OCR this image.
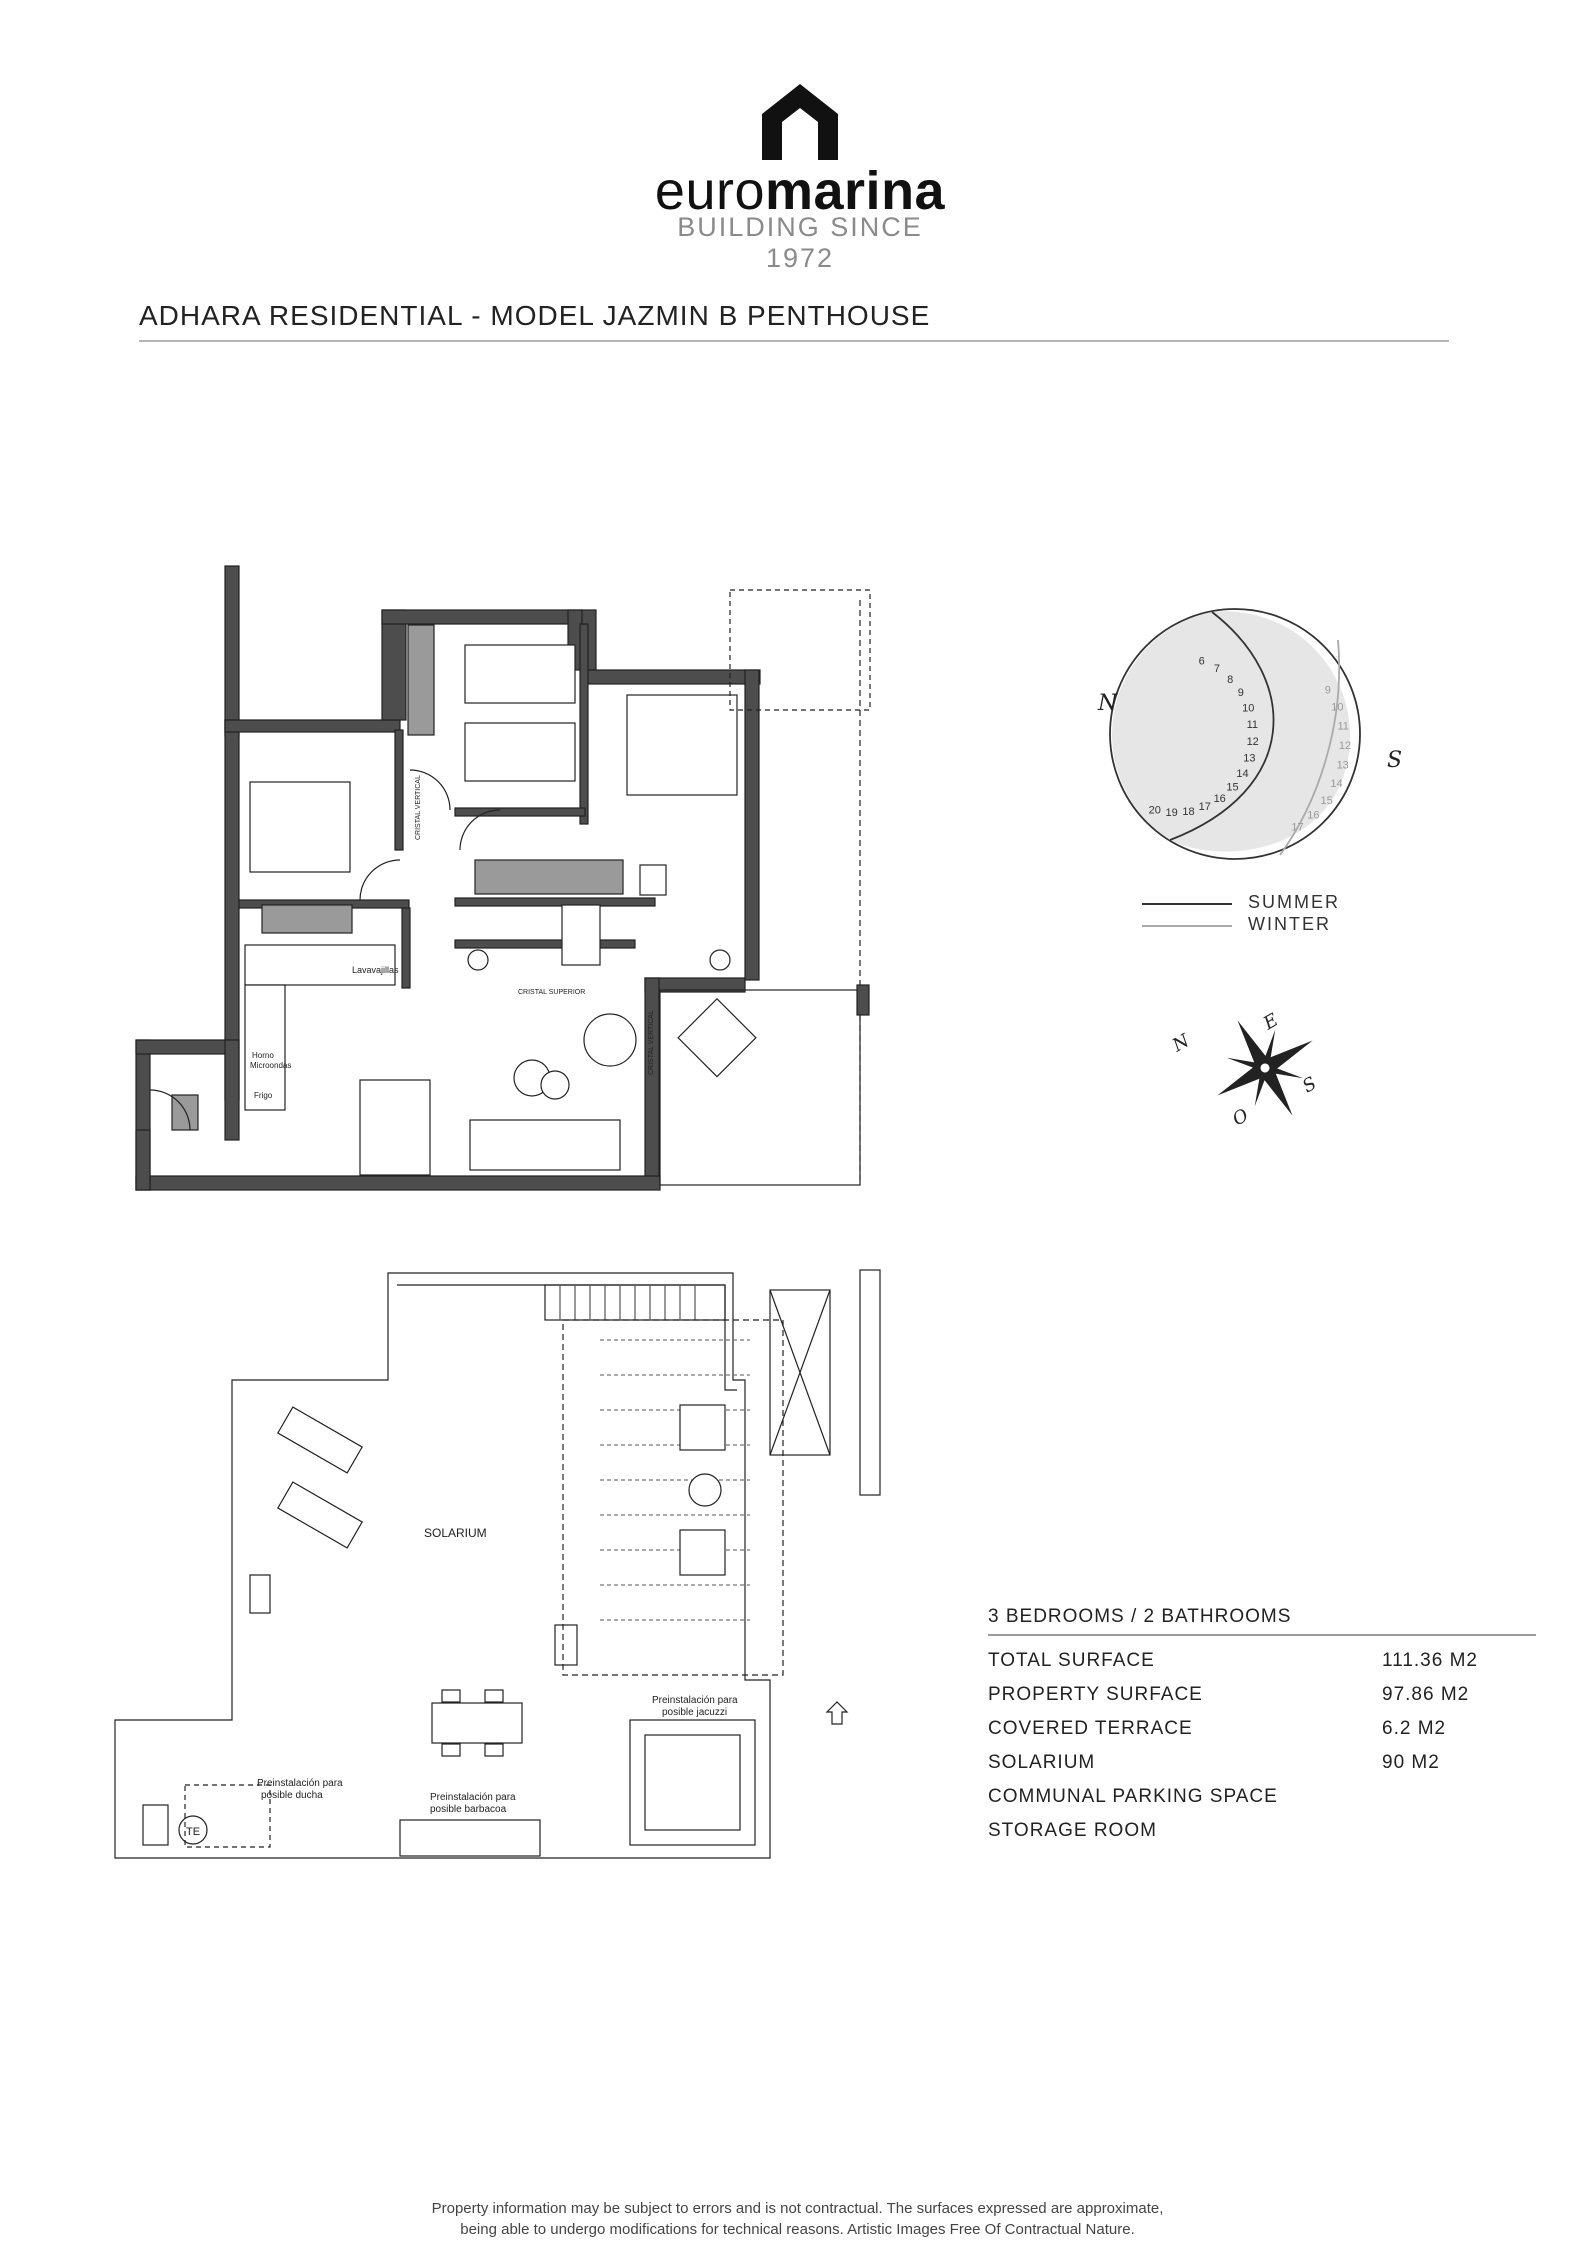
euromarina
BUILDING SINCE 1972
ADHARA RESIDENTIAL - MODEL JAZMIN B PENTHOUSE
Lavavajillas
Horno
Microondas
Frigo
CRISTAL VERTICAL
CRISTAL VERTICAL
CRISTAL SUPERIOR
SOLARIUM
Preinstalación para
posible jacuzzi
Preinstalación para
posible ducha	Preinstalación para
posible barbacoa
TE
N
S
6
7
8
9
10
11
12
13
14
15
16
17
18
19
20
9
10
11
12
13
14
15
16
17
N
E
S
O
SUMMER
WINTER
3 BEDROOMS / 2 BATHROOMS
TOTAL SURFACE	111.36 M2
PROPERTY SURFACE	97.86 M2
COVERED TERRACE	6.2 M2
SOLARIUM	90 M2
COMMUNAL PARKING SPACE
STORAGE ROOM
Property information may be subject to errors and is not contractual. The surfaces expressed are approximate,
being able to undergo modifications for technical reasons. Artistic Images Free Of Contractual Nature.
